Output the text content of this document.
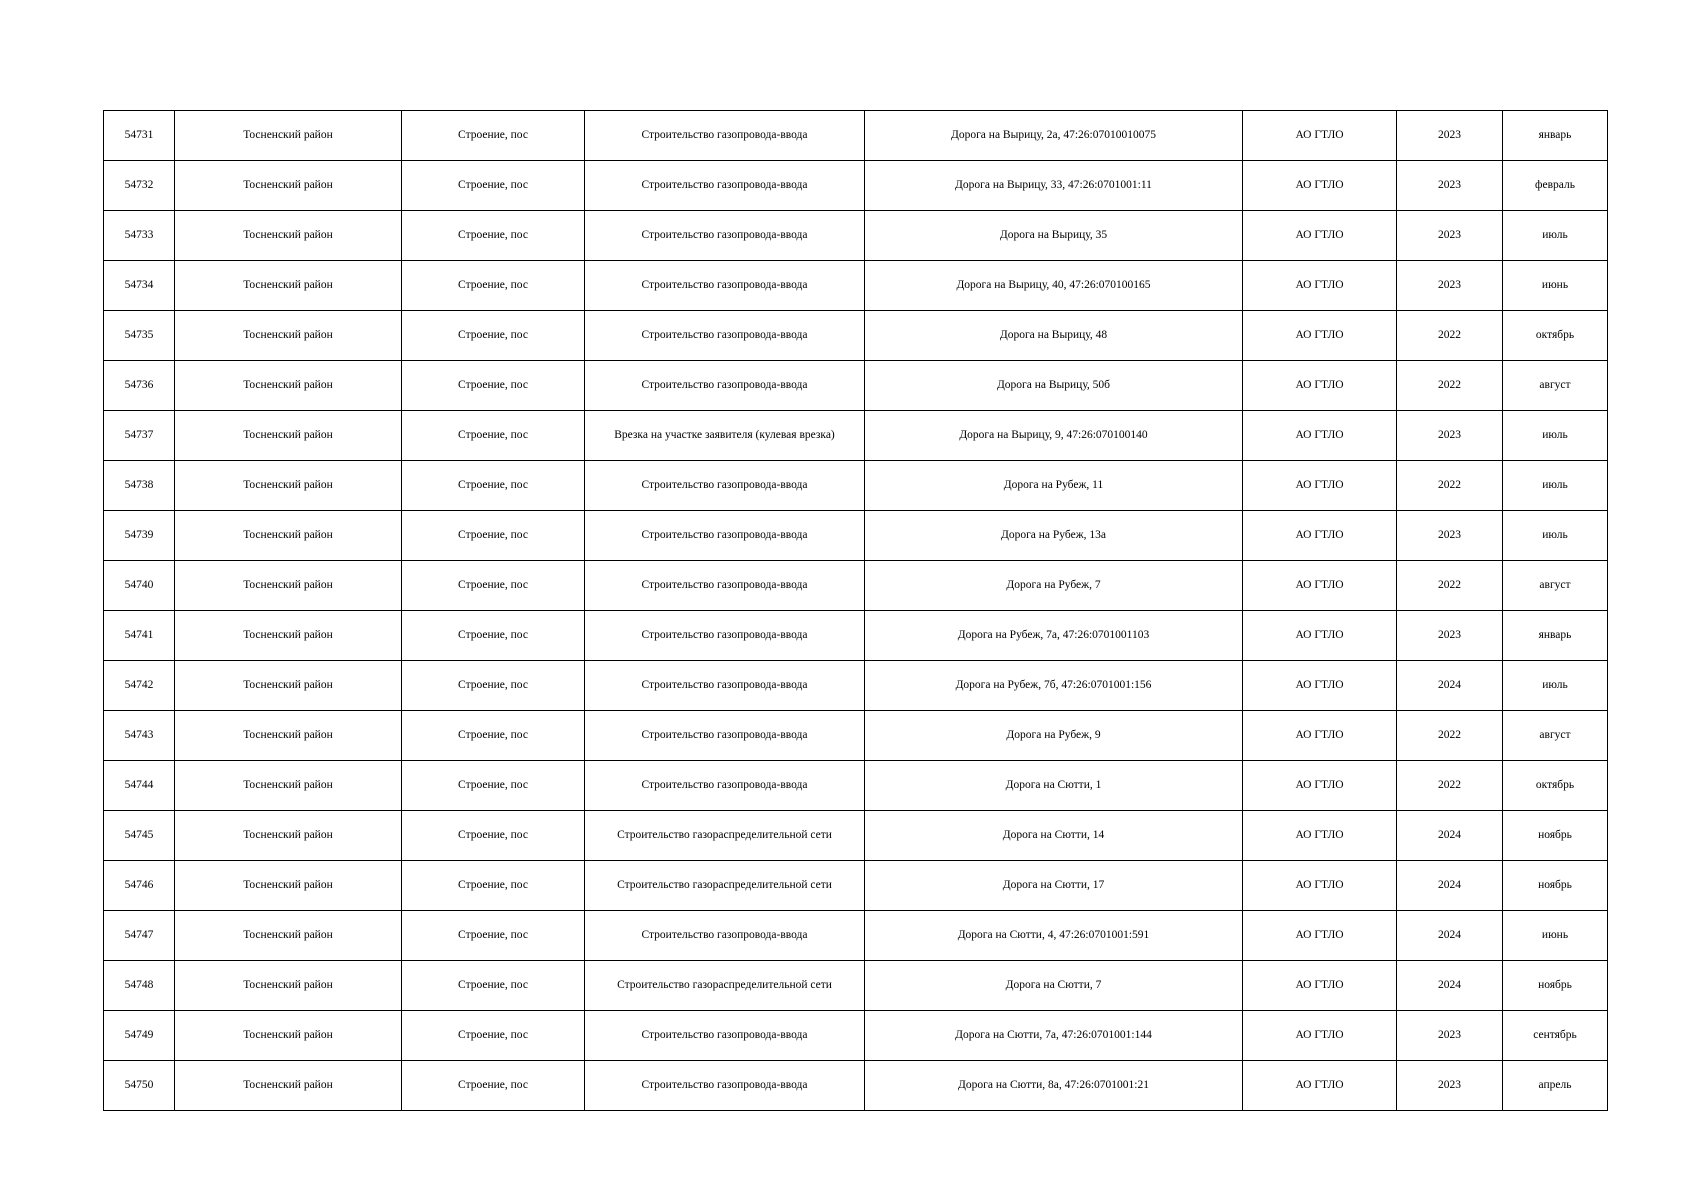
54731	Тосненский район	Строение, пос	Строительство газопровода-ввода	Дорога на Вырицу, 2а, 47:26:07010010075	АО ГТЛО	2023	январь
54732	Тосненский район	Строение, пос	Строительство газопровода-ввода	Дорога на Вырицу, 33, 47:26:0701001:11	АО ГТЛО	2023	февраль
54733	Тосненский район	Строение, пос	Строительство газопровода-ввода	Дорога на Вырицу, 35	АО ГТЛО	2023	июль
54734	Тосненский район	Строение, пос	Строительство газопровода-ввода	Дорога на Вырицу, 40, 47:26:070100165	АО ГТЛО	2023	июнь
54735	Тосненский район	Строение, пос	Строительство газопровода-ввода	Дорога на Вырицу, 48	АО ГТЛО	2022	октябрь
54736	Тосненский район	Строение, пос	Строительство газопровода-ввода	Дорога на Вырицу, 50б	АО ГТЛО	2022	август
54737	Тосненский район	Строение, пос	Врезка на участке заявителя (кулевая врезка)	Дорога на Вырицу, 9, 47:26:070100140	АО ГТЛО	2023	июль
54738	Тосненский район	Строение, пос	Строительство газопровода-ввода	Дорога на Рубеж, 11	АО ГТЛО	2022	июль
54739	Тосненский район	Строение, пос	Строительство газопровода-ввода	Дорога на Рубеж, 13а	АО ГТЛО	2023	июль
54740	Тосненский район	Строение, пос	Строительство газопровода-ввода	Дорога на Рубеж, 7	АО ГТЛО	2022	август
54741	Тосненский район	Строение, пос	Строительство газопровода-ввода	Дорога на Рубеж, 7а, 47:26:0701001103	АО ГТЛО	2023	январь
54742	Тосненский район	Строение, пос	Строительство газопровода-ввода	Дорога на Рубеж, 7б, 47:26:0701001:156	АО ГТЛО	2024	июль
54743	Тосненский район	Строение, пос	Строительство газопровода-ввода	Дорога на Рубеж, 9	АО ГТЛО	2022	август
54744	Тосненский район	Строение, пос	Строительство газопровода-ввода	Дорога на Сютти, 1	АО ГТЛО	2022	октябрь
54745	Тосненский район	Строение, пос	Строительство газораспределительной сети	Дорога на Сютти, 14	АО ГТЛО	2024	ноябрь
54746	Тосненский район	Строение, пос	Строительство газораспределительной сети	Дорога на Сютти, 17	АО ГТЛО	2024	ноябрь
54747	Тосненский район	Строение, пос	Строительство газопровода-ввода	Дорога на Сютти, 4, 47:26:0701001:591	АО ГТЛО	2024	июнь
54748	Тосненский район	Строение, пос	Строительство газораспределительной сети	Дорога на Сютти, 7	АО ГТЛО	2024	ноябрь
54749	Тосненский район	Строение, пос	Строительство газопровода-ввода	Дорога на Сютти, 7а, 47:26:0701001:144	АО ГТЛО	2023	сентябрь
54750	Тосненский район	Строение, пос	Строительство газопровода-ввода	Дорога на Сютти, 8а, 47:26:0701001:21	АО ГТЛО	2023	апрель
